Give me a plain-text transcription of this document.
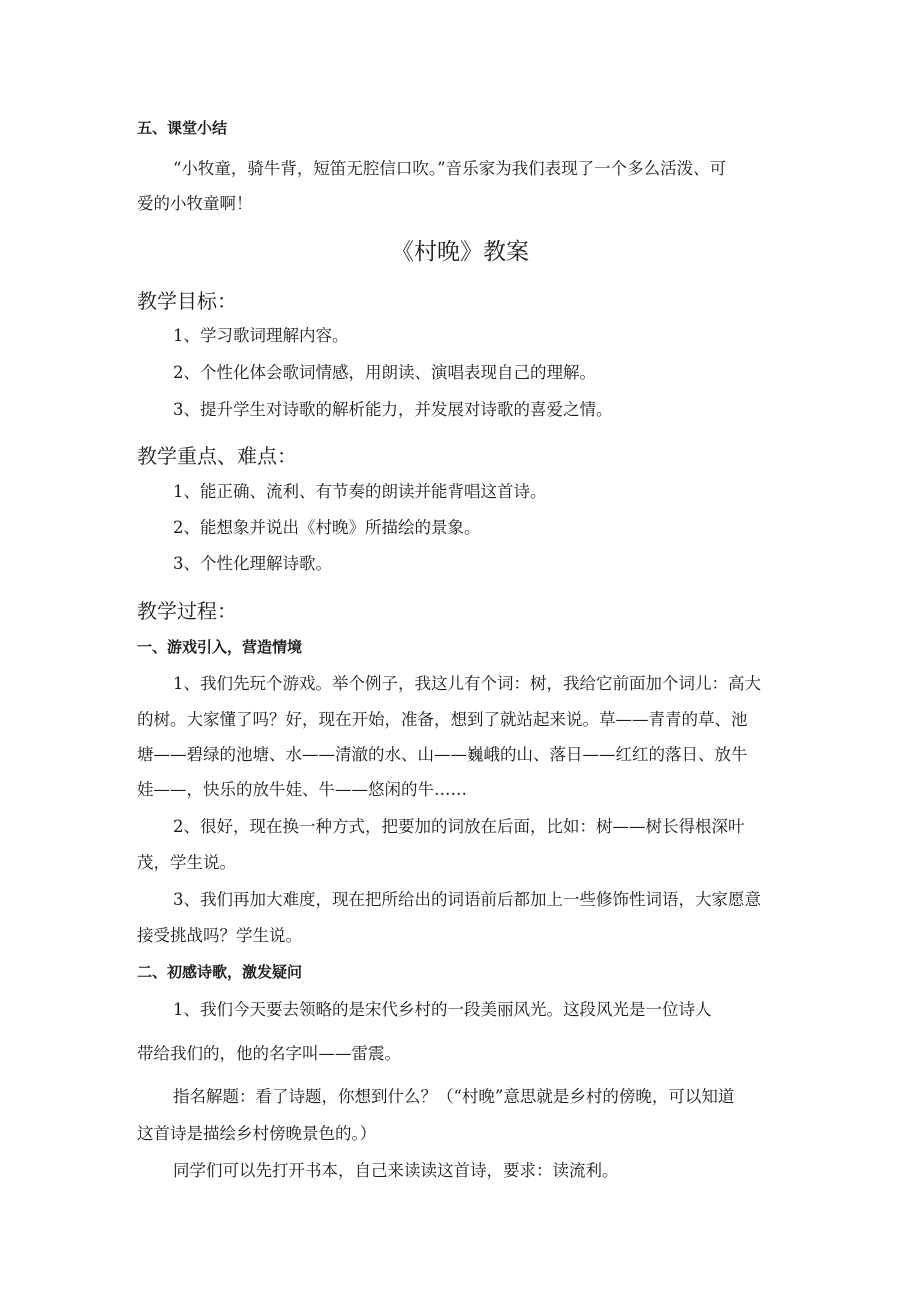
五、课堂小结
“小牧童，骑牛背，短笛无腔信口吹。”音乐家为我们表现了一个多么活泼、可
爱的小牧童啊！
《村晚》教案
教学目标：
1、学习歌词理解内容。
2、个性化体会歌词情感，用朗读、演唱表现自己的理解。
3、提升学生对诗歌的解析能力，并发展对诗歌的喜爱之情。
教学重点、难点：
1、能正确、流利、有节奏的朗读并能背唱这首诗。
2、能想象并说出《村晚》所描绘的景象。
3、个性化理解诗歌。
教学过程：
一、游戏引入，营造情境
1、我们先玩个游戏。举个例子，我这儿有个词：树，我给它前面加个词儿：高大
的树。大家懂了吗？好，现在开始，准备，想到了就站起来说。草——青青的草、池
塘——碧绿的池塘、水——清澈的水、山——巍峨的山、落日——红红的落日、放牛
娃——，快乐的放牛娃、牛——悠闲的牛……
2、很好，现在换一种方式，把要加的词放在后面，比如：树——树长得根深叶
茂，学生说。
3、我们再加大难度，现在把所给出的词语前后都加上一些修饰性词语，大家愿意
接受挑战吗？学生说。
二、初感诗歌，激发疑问
1、我们今天要去领略的是宋代乡村的一段美丽风光。这段风光是一位诗人
带给我们的，他的名字叫——雷震。
指名解题：看了诗题，你想到什么？（“村晚”意思就是乡村的傍晚，可以知道
这首诗是描绘乡村傍晚景色的。）
同学们可以先打开书本，自己来读读这首诗，要求：读流利。
